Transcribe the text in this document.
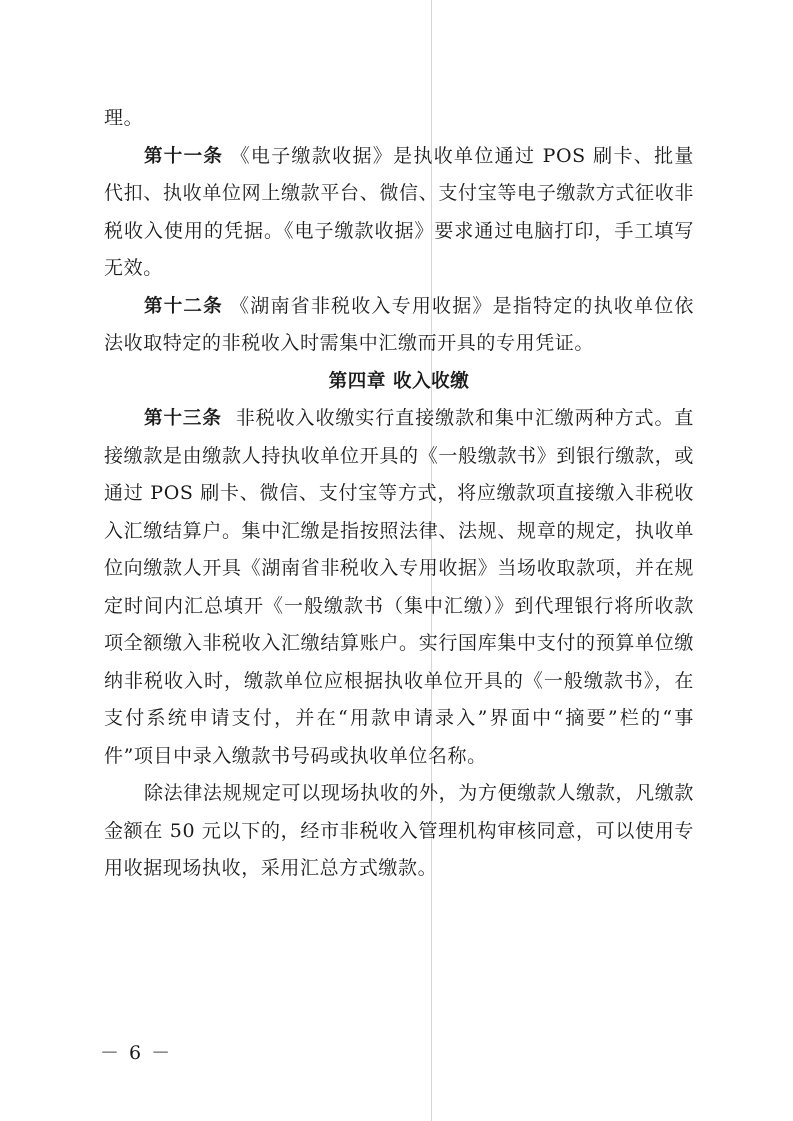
理。

第十一条 《电子缴款收据》是执收单位通过 POS 刷卡、批量代扣、执收单位网上缴款平台、微信、支付宝等电子缴款方式征收非税收入使用的凭据。《电子缴款收据》要求通过电脑打印，手工填写无效。

第十二条 《湖南省非税收入专用收据》是指特定的执收单位依法收取特定的非税收入时需集中汇缴而开具的专用凭证。

第四章 收入收缴

第十三条 非税收入收缴实行直接缴款和集中汇缴两种方式。直接缴款是由缴款人持执收单位开具的《一般缴款书》到银行缴款，或通过 POS 刷卡、微信、支付宝等方式，将应缴款项直接缴入非税收入汇缴结算户。集中汇缴是指按照法律、法规、规章的规定，执收单位向缴款人开具《湖南省非税收入专用收据》当场收取款项，并在规定时间内汇总填开《一般缴款书（集中汇缴）》到代理银行将所收款项全额缴入非税收入汇缴结算账户。实行国库集中支付的预算单位缴纳非税收入时，缴款单位应根据执收单位开具的《一般缴款书》，在支付系统申请支付，并在“用款申请录入”界面中“摘要”栏的“事件”项目中录入缴款书号码或执收单位名称。

除法律法规规定可以现场执收的外，为方便缴款人缴款，凡缴款金额在 50 元以下的，经市非税收入管理机构审核同意，可以使用专用收据现场执收，采用汇总方式缴款。

－ 6 －
